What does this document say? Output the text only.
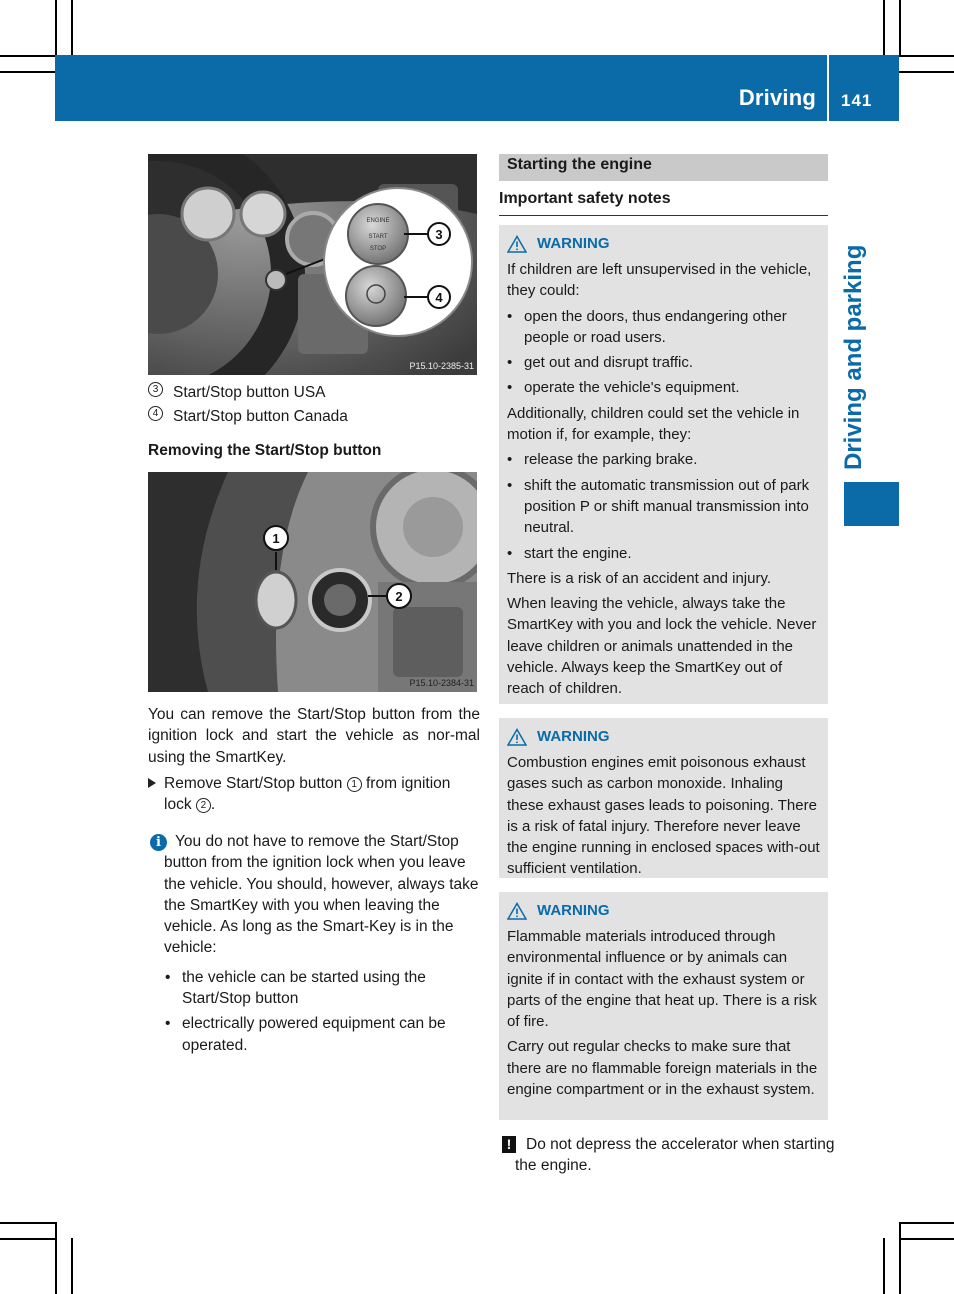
Driving 141
Driving and parking
ENGINE
START
STOP
3
4
P15.10-2385-31
3 Start/Stop button USA
4 Start/Stop button Canada
Removing the Start/Stop button
1
2
P15.10-2384-31
You can remove the Start/Stop button from the ignition lock and start the vehicle as nor-mal using the SmartKey.
Remove Start/Stop button 1 from ignition lock 2 .
i You do not have to remove the Start/Stop button from the ignition lock when you leave the vehicle. You should, however, always take the SmartKey with you when leaving the vehicle. As long as the Smart-Key is in the vehicle:
• the vehicle can be started using the Start/Stop button
• electrically powered equipment can be operated.
Starting the engine
Important safety notes
WARNING

If children are left unsupervised in the vehicle, they could:

• open the doors, thus endangering other people or road users.
• get out and disrupt traffic.
• operate the vehicle's equipment.

Additionally, children could set the vehicle in motion if, for example, they:

• release the parking brake.
• shift the automatic transmission out of park position P or shift manual transmission into neutral.
• start the engine.

There is a risk of an accident and injury.

When leaving the vehicle, always take the SmartKey with you and lock the vehicle. Never leave children or animals unattended in the vehicle. Always keep the SmartKey out of reach of children.

WARNING

Combustion engines emit poisonous exhaust gases such as carbon monoxide. Inhaling these exhaust gases leads to poisoning. There is a risk of fatal injury. Therefore never leave the engine running in enclosed spaces with-out sufficient ventilation.

WARNING

Flammable materials introduced through environmental influence or by animals can ignite if in contact with the exhaust system or parts of the engine that heat up. There is a risk of fire.

Carry out regular checks to make sure that there are no flammable foreign materials in the engine compartment or in the exhaust system.

! Do not depress the accelerator when starting the engine.
